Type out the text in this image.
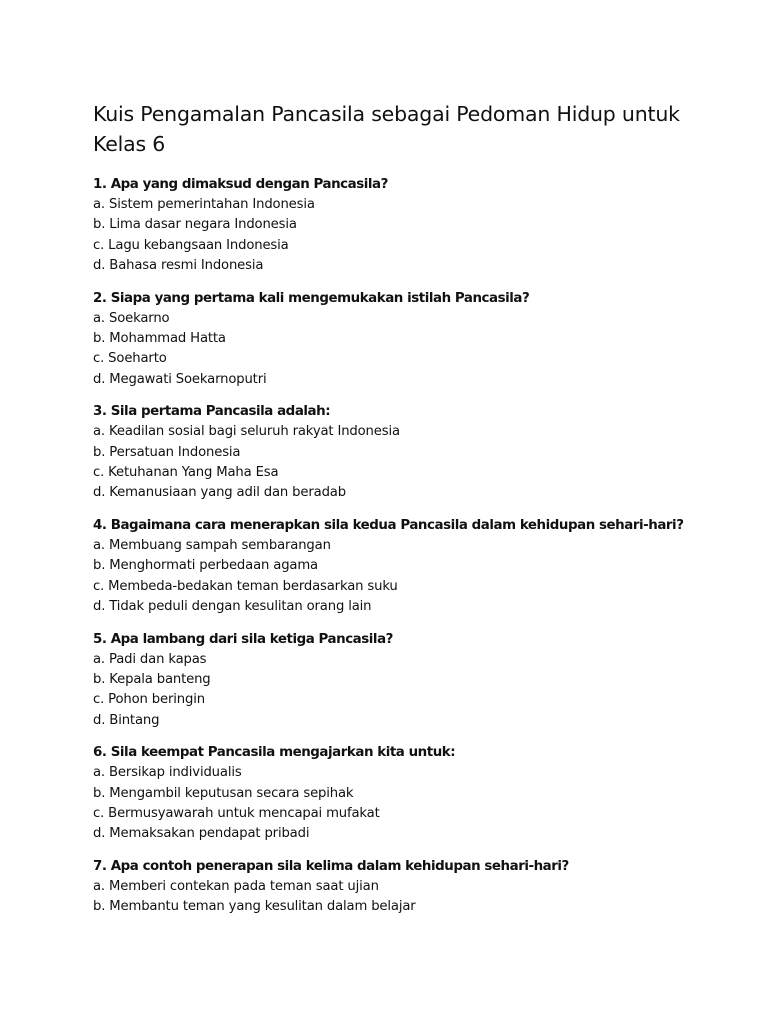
Kuis Pengamalan Pancasila sebagai Pedoman Hidup untuk Kelas 6

1. Apa yang dimaksud dengan Pancasila?

a. Sistem pemerintahan Indonesia
b. Lima dasar negara Indonesia
c. Lagu kebangsaan Indonesia
d. Bahasa resmi Indonesia

2. Siapa yang pertama kali mengemukakan istilah Pancasila?

a. Soekarno
b. Mohammad Hatta
c. Soeharto
d. Megawati Soekarnoputri

3. Sila pertama Pancasila adalah:

a. Keadilan sosial bagi seluruh rakyat Indonesia
b. Persatuan Indonesia
c. Ketuhanan Yang Maha Esa
d. Kemanusiaan yang adil dan beradab

4. Bagaimana cara menerapkan sila kedua Pancasila dalam kehidupan sehari-hari?

a. Membuang sampah sembarangan
b. Menghormati perbedaan agama
c. Membeda-bedakan teman berdasarkan suku
d. Tidak peduli dengan kesulitan orang lain

5. Apa lambang dari sila ketiga Pancasila?

a. Padi dan kapas
b. Kepala banteng
c. Pohon beringin
d. Bintang

6. Sila keempat Pancasila mengajarkan kita untuk:

a. Bersikap individualis
b. Mengambil keputusan secara sepihak
c. Bermusyawarah untuk mencapai mufakat
d. Memaksakan pendapat pribadi

7. Apa contoh penerapan sila kelima dalam kehidupan sehari-hari?

a. Memberi contekan pada teman saat ujian
b. Membantu teman yang kesulitan dalam belajar
